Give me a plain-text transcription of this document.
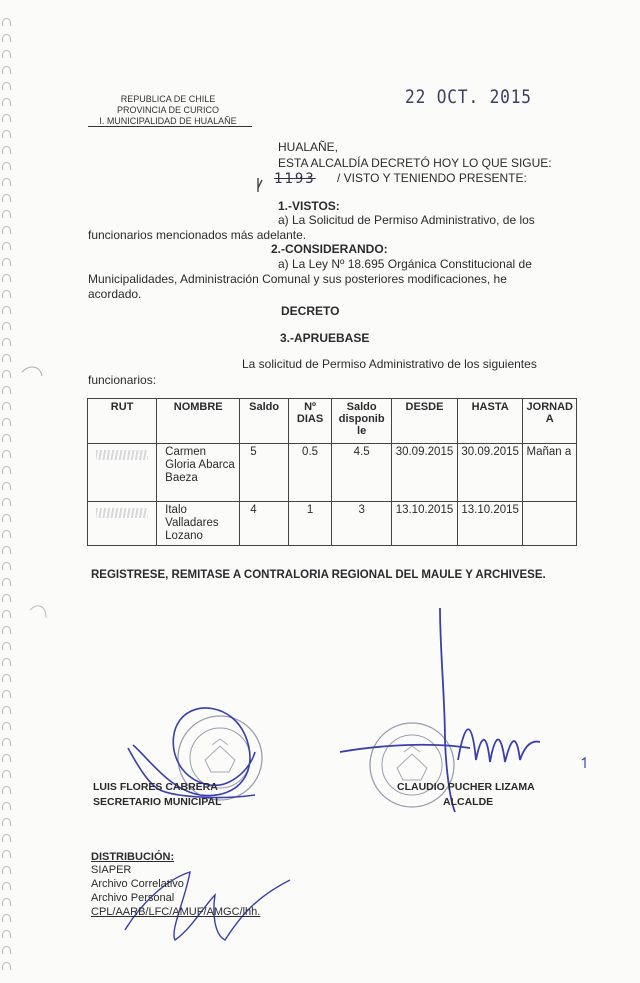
REPUBLICA DE CHILE
PROVINCIA DE CURICO
I. MUNICIPALIDAD DE HUALAÑE
22 OCT. 2015
HUALAÑE,
ESTA ALCALDÍA DECRETÓ HOY LO QUE SIGUE:
1193 / VISTO Y TENIENDO PRESENTE:
1.-VISTOS:
a) La Solicitud de Permiso Administrativo, de los
funcionarios mencionados más adelante.
2.-CONSIDERANDO:
a) La Ley Nº 18.695 Orgánica Constitucional de
Municipalidades, Administración Comunal y sus posteriores modificaciones, he
acordado.
DECRETO
3.-APRUEBASE
La solicitud de Permiso Administrativo de los siguientes
funcionarios:
RUT	NOMBRE	Saldo	Nº DIAS	Saldo disponib le	DESDE	HASTA	JORNAD A

	Carmen Gloria Abarca Baeza	5	0.5	4.5	30.09.2015	30.09.2015	Mañan a

	Italo Valladares Lozano	4	1	3	13.10.2015	13.10.2015	
REGISTRESE, REMITASE A CONTRALORIA REGIONAL DEL MAULE Y ARCHIVESE.
LUIS FLORES CABRERA
SECRETARIO MUNICIPAL
CLAUDIO PUCHER LIZAMA
ALCALDE
DISTRIBUCIÓN:
SIAPER
Archivo Correlativo
Archivo Personal
CPL/AARB/LFC/AMUF/AMGC/lhh.
